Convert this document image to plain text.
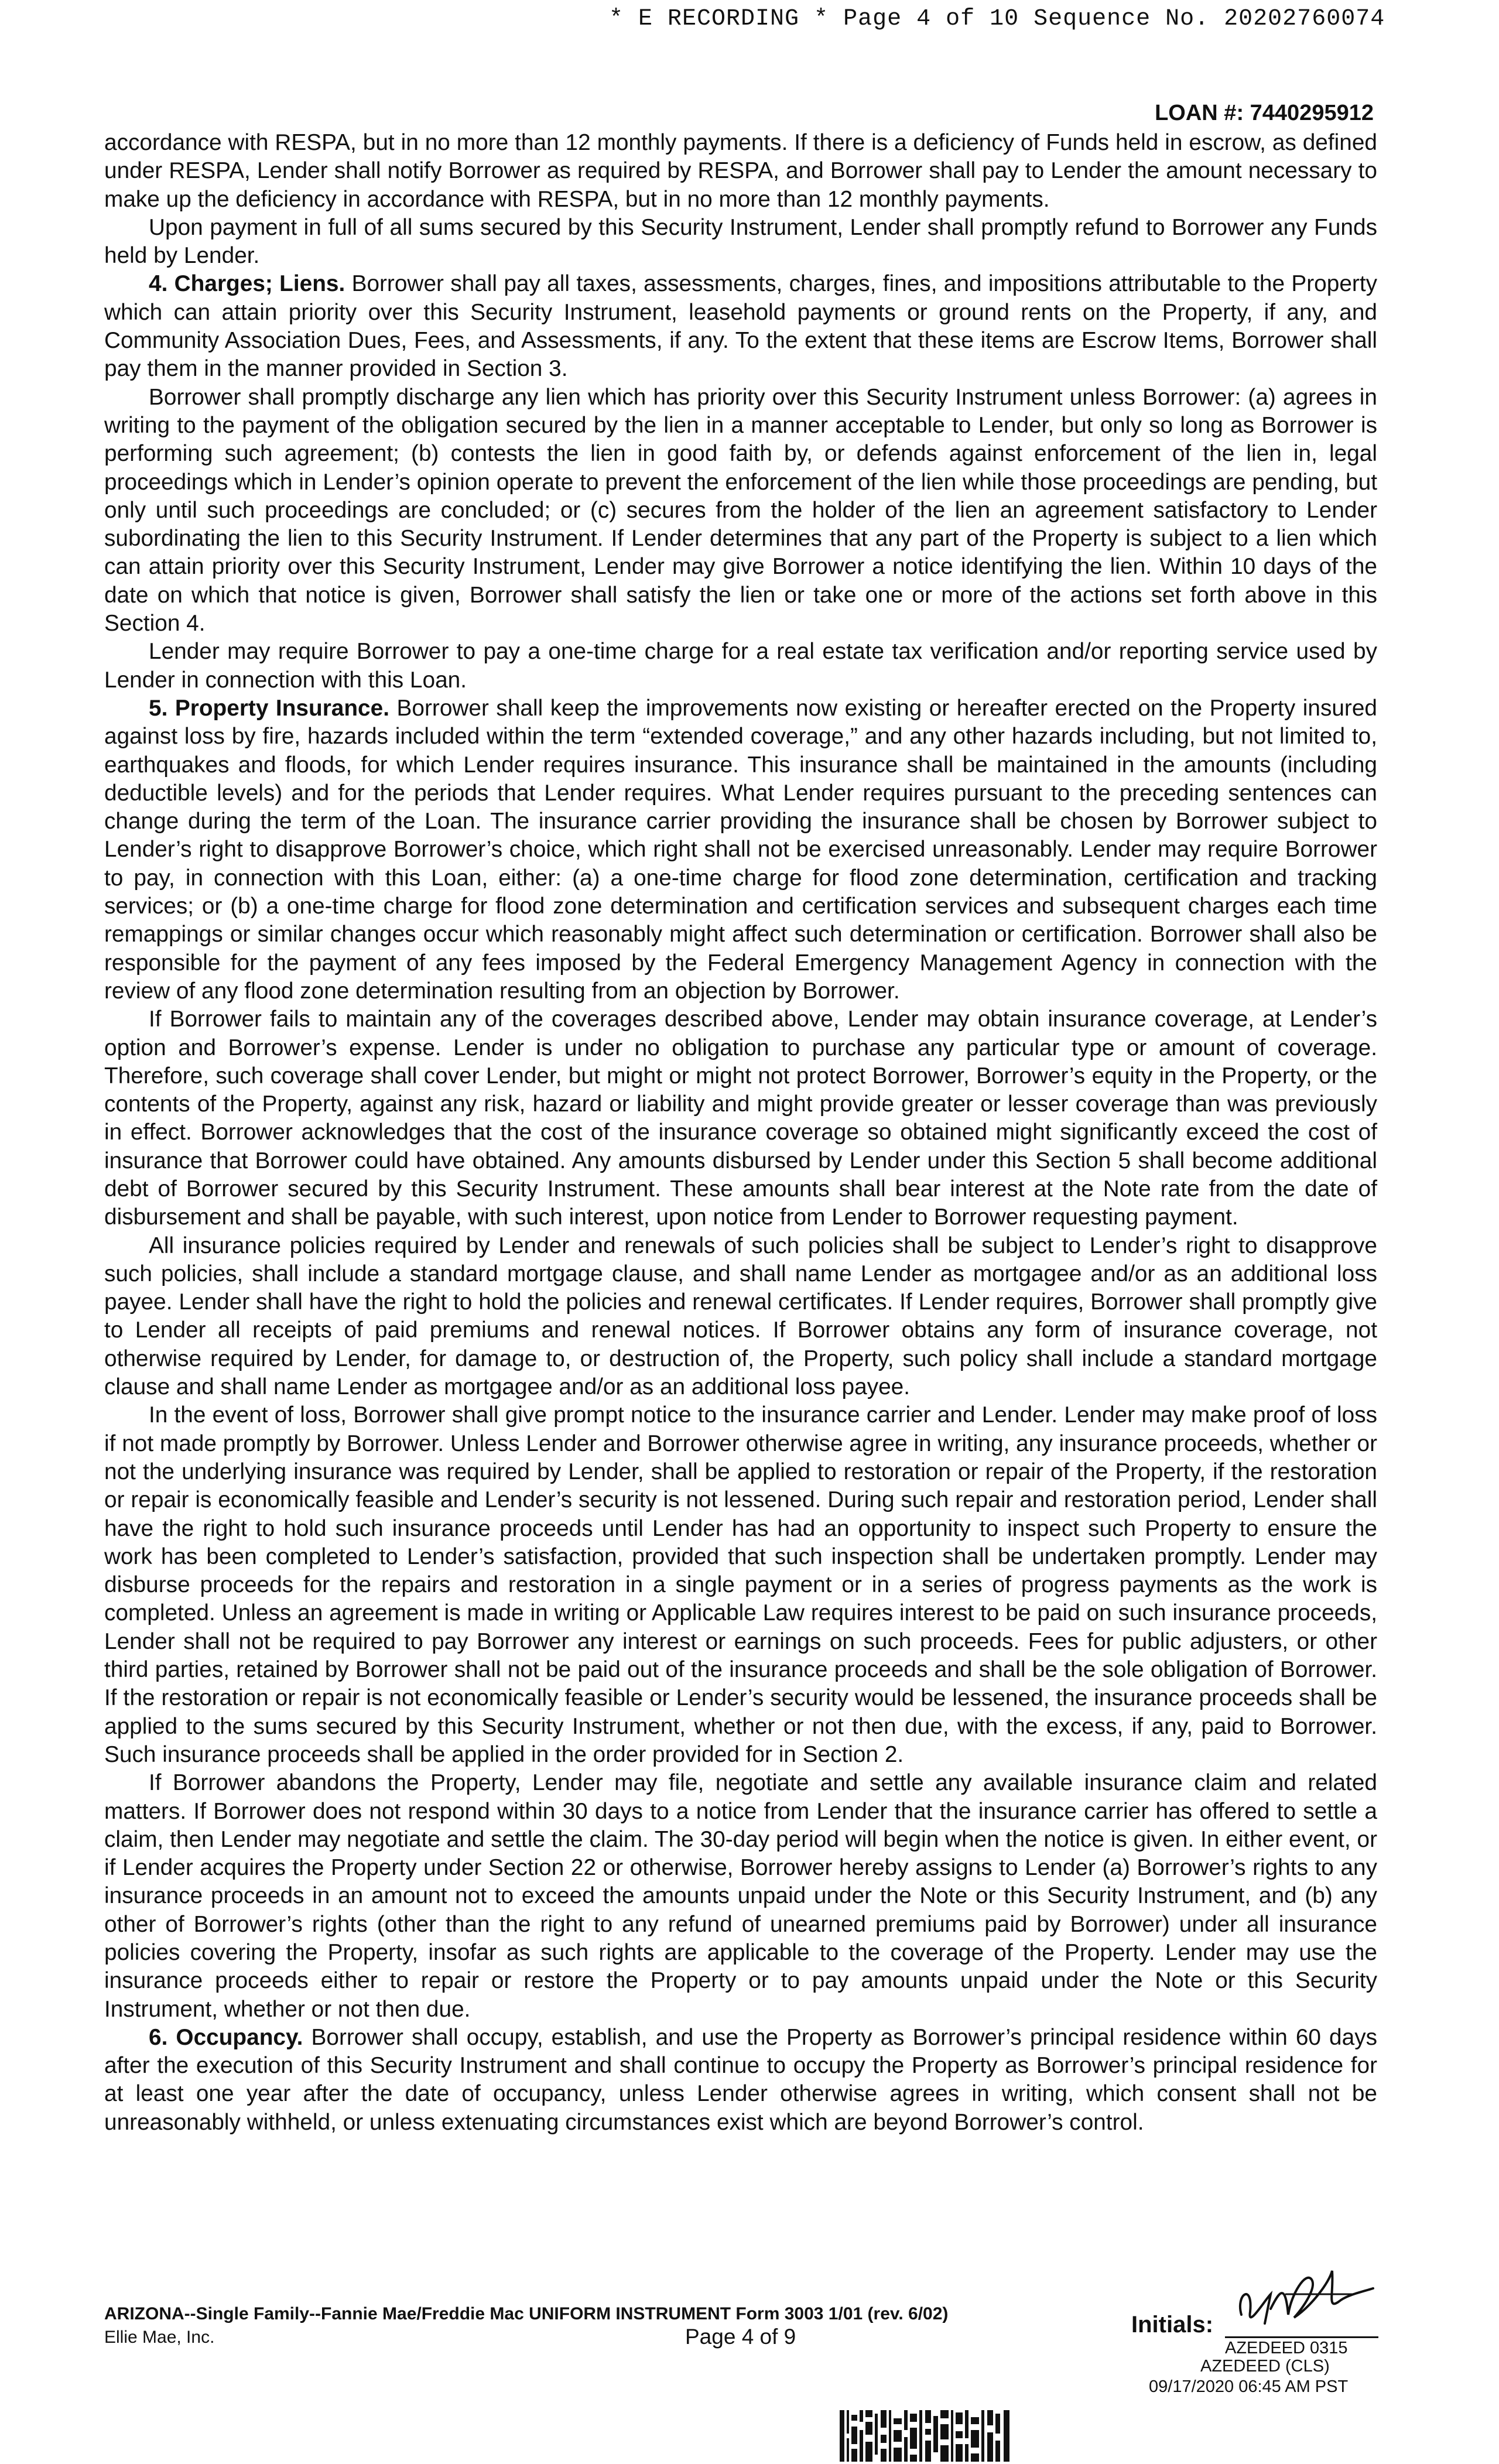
* E RECORDING * Page 4 of 10 Sequence No. 20202760074
LOAN #: 7440295912

accordance with RESPA, but in no more than 12 monthly payments. If there is a deficiency of Funds held in escrow, as defined under RESPA, Lender shall notify Borrower as required by RESPA, and Borrower shall pay to Lender the amount necessary to make up the deficiency in accordance with RESPA, but in no more than 12 monthly payments.

Upon payment in full of all sums secured by this Security Instrument, Lender shall promptly refund to Borrower any Funds held by Lender.

4. Charges; Liens. Borrower shall pay all taxes, assessments, charges, fines, and impositions attributable to the Property which can attain priority over this Security Instrument, leasehold payments or ground rents on the Property, if any, and Community Association Dues, Fees, and Assessments, if any. To the extent that these items are Escrow Items, Borrower shall pay them in the manner provided in Section 3.

Borrower shall promptly discharge any lien which has priority over this Security Instrument unless Borrower: (a) agrees in writing to the payment of the obligation secured by the lien in a manner acceptable to Lender, but only so long as Borrower is performing such agreement; (b) contests the lien in good faith by, or defends against enforcement of the lien in, legal proceedings which in Lender’s opinion operate to prevent the enforcement of the lien while those proceedings are pending, but only until such proceedings are concluded; or (c) secures from the holder of the lien an agreement satisfactory to Lender subordinating the lien to this Security Instrument. If Lender determines that any part of the Property is subject to a lien which can attain priority over this Security Instrument, Lender may give Borrower a notice identifying the lien. Within 10 days of the date on which that notice is given, Borrower shall satisfy the lien or take one or more of the actions set forth above in this Section 4.

Lender may require Borrower to pay a one-time charge for a real estate tax verification and/or reporting service used by Lender in connection with this Loan.

5. Property Insurance. Borrower shall keep the improvements now existing or hereafter erected on the Property insured against loss by fire, hazards included within the term “extended coverage,” and any other hazards including, but not limited to, earthquakes and floods, for which Lender requires insurance. This insurance shall be maintained in the amounts (including deductible levels) and for the periods that Lender requires. What Lender requires pursuant to the preceding sentences can change during the term of the Loan. The insurance carrier providing the insurance shall be chosen by Borrower subject to Lender’s right to disapprove Borrower’s choice, which right shall not be exercised unreasonably. Lender may require Borrower to pay, in connection with this Loan, either: (a) a one-time charge for flood zone determination, certification and tracking services; or (b) a one-time charge for flood zone determination and certification services and subsequent charges each time remappings or similar changes occur which reasonably might affect such determination or certification. Borrower shall also be responsible for the payment of any fees imposed by the Federal Emergency Management Agency in connection with the review of any flood zone determination resulting from an objection by Borrower.

If Borrower fails to maintain any of the coverages described above, Lender may obtain insurance coverage, at Lender’s option and Borrower’s expense. Lender is under no obligation to purchase any particular type or amount of coverage. Therefore, such coverage shall cover Lender, but might or might not protect Borrower, Borrower’s equity in the Property, or the contents of the Property, against any risk, hazard or liability and might provide greater or lesser coverage than was previously in effect. Borrower acknowledges that the cost of the insurance coverage so obtained might significantly exceed the cost of insurance that Borrower could have obtained. Any amounts disbursed by Lender under this Section 5 shall become additional debt of Borrower secured by this Security Instrument. These amounts shall bear interest at the Note rate from the date of disbursement and shall be payable, with such interest, upon notice from Lender to Borrower requesting payment.

All insurance policies required by Lender and renewals of such policies shall be subject to Lender’s right to disapprove such policies, shall include a standard mortgage clause, and shall name Lender as mortgagee and/or as an additional loss payee. Lender shall have the right to hold the policies and renewal certificates. If Lender requires, Borrower shall promptly give to Lender all receipts of paid premiums and renewal notices. If Borrower obtains any form of insurance coverage, not otherwise required by Lender, for damage to, or destruction of, the Property, such policy shall include a standard mortgage clause and shall name Lender as mortgagee and/or as an additional loss payee.

In the event of loss, Borrower shall give prompt notice to the insurance carrier and Lender. Lender may make proof of loss if not made promptly by Borrower. Unless Lender and Borrower otherwise agree in writing, any insurance proceeds, whether or not the underlying insurance was required by Lender, shall be applied to restoration or repair of the Property, if the restoration or repair is economically feasible and Lender’s security is not lessened. During such repair and restoration period, Lender shall have the right to hold such insurance proceeds until Lender has had an opportunity to inspect such Property to ensure the work has been completed to Lender’s satisfaction, provided that such inspection shall be undertaken promptly. Lender may disburse proceeds for the repairs and restoration in a single payment or in a series of progress payments as the work is completed. Unless an agreement is made in writing or Applicable Law requires interest to be paid on such insurance proceeds, Lender shall not be required to pay Borrower any interest or earnings on such proceeds. Fees for public adjusters, or other third parties, retained by Borrower shall not be paid out of the insurance proceeds and shall be the sole obligation of Borrower. If the restoration or repair is not economically feasible or Lender’s security would be lessened, the insurance proceeds shall be applied to the sums secured by this Security Instrument, whether or not then due, with the excess, if any, paid to Borrower. Such insurance proceeds shall be applied in the order provided for in Section 2.

If Borrower abandons the Property, Lender may file, negotiate and settle any available insurance claim and related matters. If Borrower does not respond within 30 days to a notice from Lender that the insurance carrier has offered to settle a claim, then Lender may negotiate and settle the claim. The 30-day period will begin when the notice is given. In either event, or if Lender acquires the Property under Section 22 or otherwise, Borrower hereby assigns to Lender (a) Borrower’s rights to any insurance proceeds in an amount not to exceed the amounts unpaid under the Note or this Security Instrument, and (b) any other of Borrower’s rights (other than the right to any refund of unearned premiums paid by Borrower) under all insurance policies covering the Property, insofar as such rights are applicable to the coverage of the Property. Lender may use the insurance proceeds either to repair or restore the Property or to pay amounts unpaid under the Note or this Security Instrument, whether or not then due.

6. Occupancy. Borrower shall occupy, establish, and use the Property as Borrower’s principal residence within 60 days after the execution of this Security Instrument and shall continue to occupy the Property as Borrower’s principal residence for at least one year after the date of occupancy, unless Lender otherwise agrees in writing, which consent shall not be unreasonably withheld, or unless extenuating circumstances exist which are beyond Borrower’s control.

ARIZONA--Single Family--Fannie Mae/Freddie Mac UNIFORM INSTRUMENT Form 3003 1/01 (rev. 6/02)
Ellie Mae, Inc.	Page 4 of 9	Initials:
AZEDEED 0315
AZEDEED (CLS)
09/17/2020 06:45 AM PST
